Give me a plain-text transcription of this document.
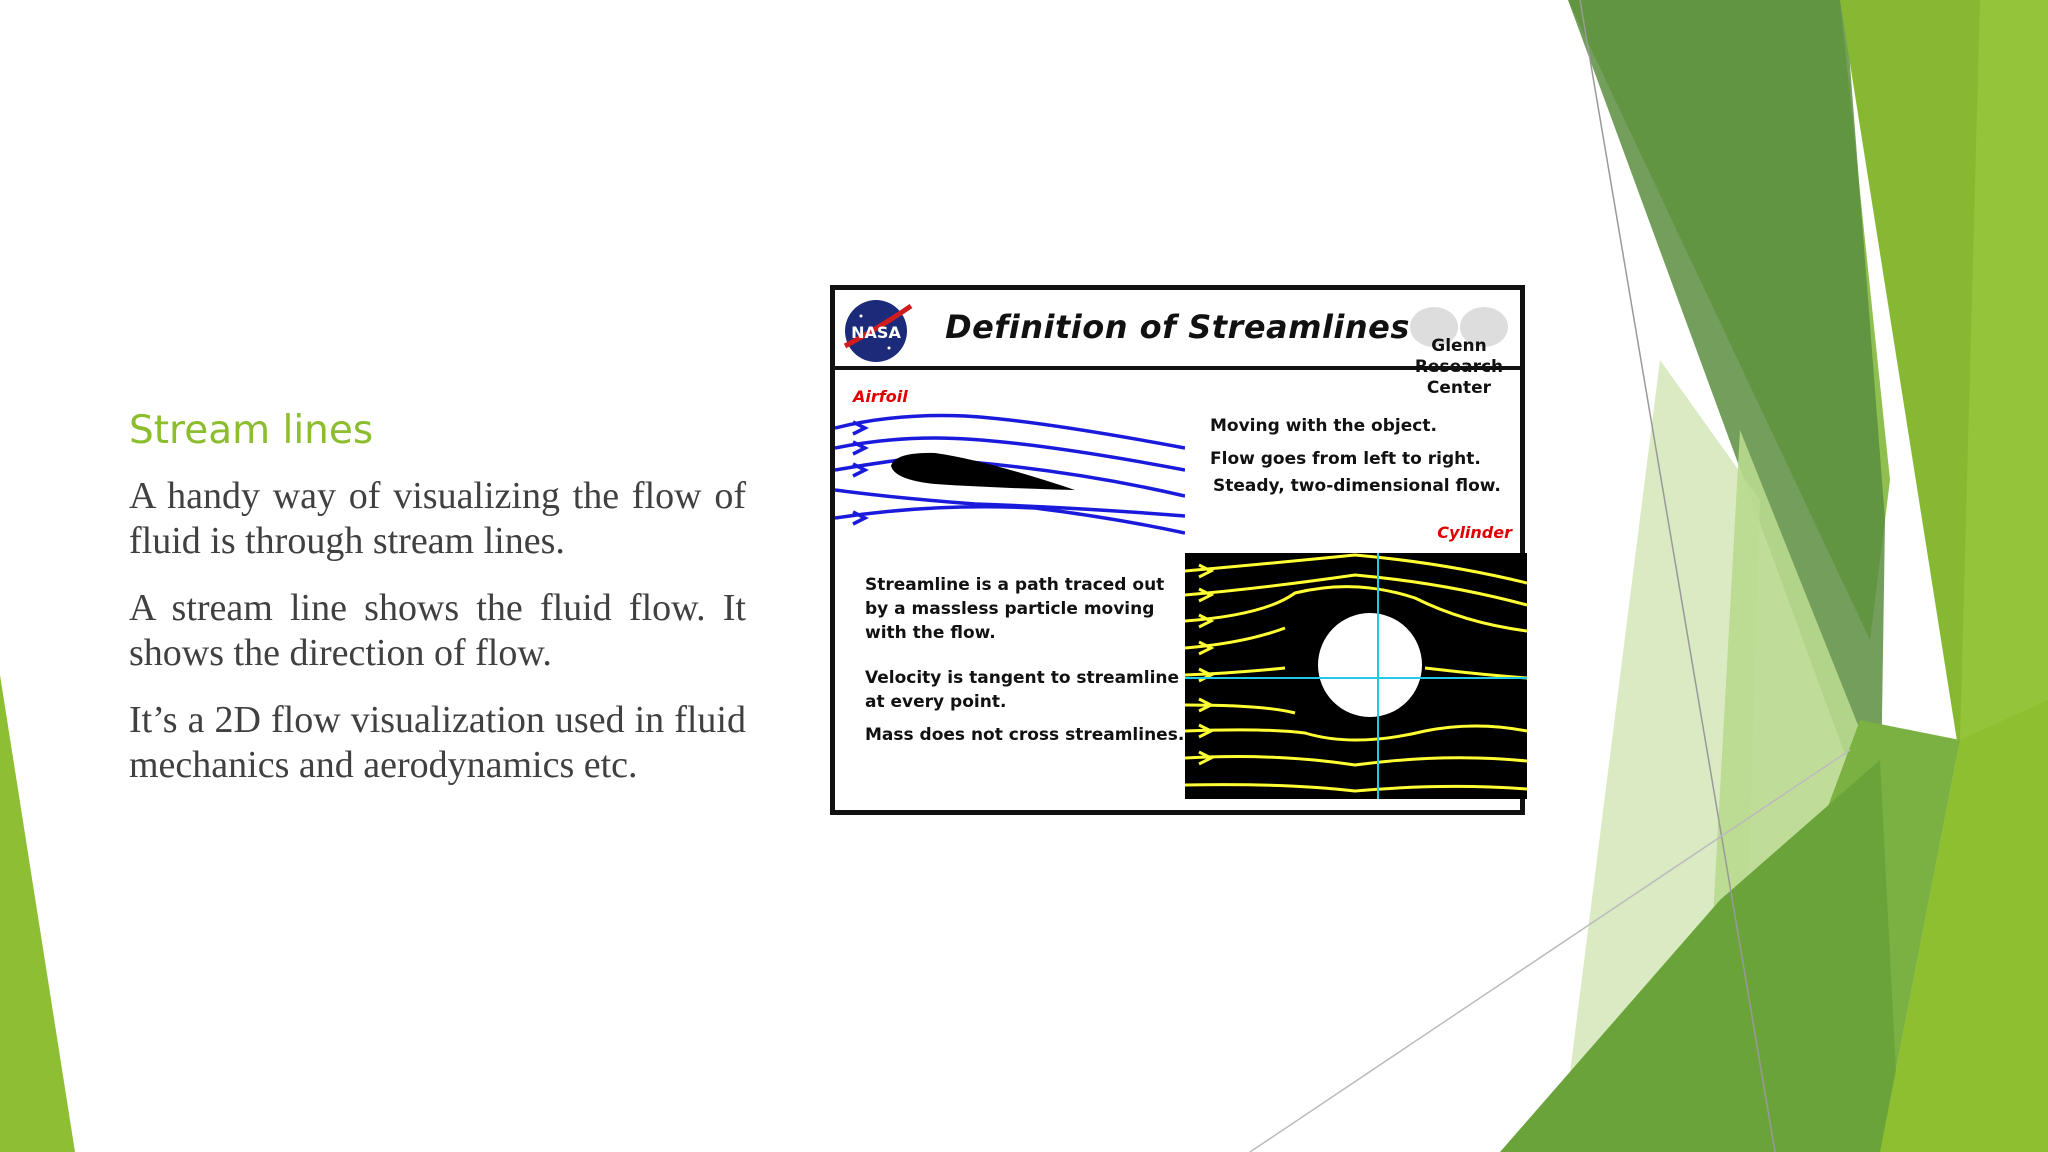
Stream lines

A handy way of visualizing the flow of fluid is through stream lines.

A stream line shows the fluid flow. It shows the direction of flow.

It’s a 2D flow visualization used in fluid mechanics and aerodynamics etc.

NASA	Definition of Streamlines	Glenn
Research
Center

Airfoil
Moving with the object.
Flow goes from left to right.
Steady, two-dimensional flow.
Cylinder
Streamline is a path traced out
by a massless particle moving
with the flow.
Velocity is tangent to streamline
at every point.
Mass does not cross streamlines.
